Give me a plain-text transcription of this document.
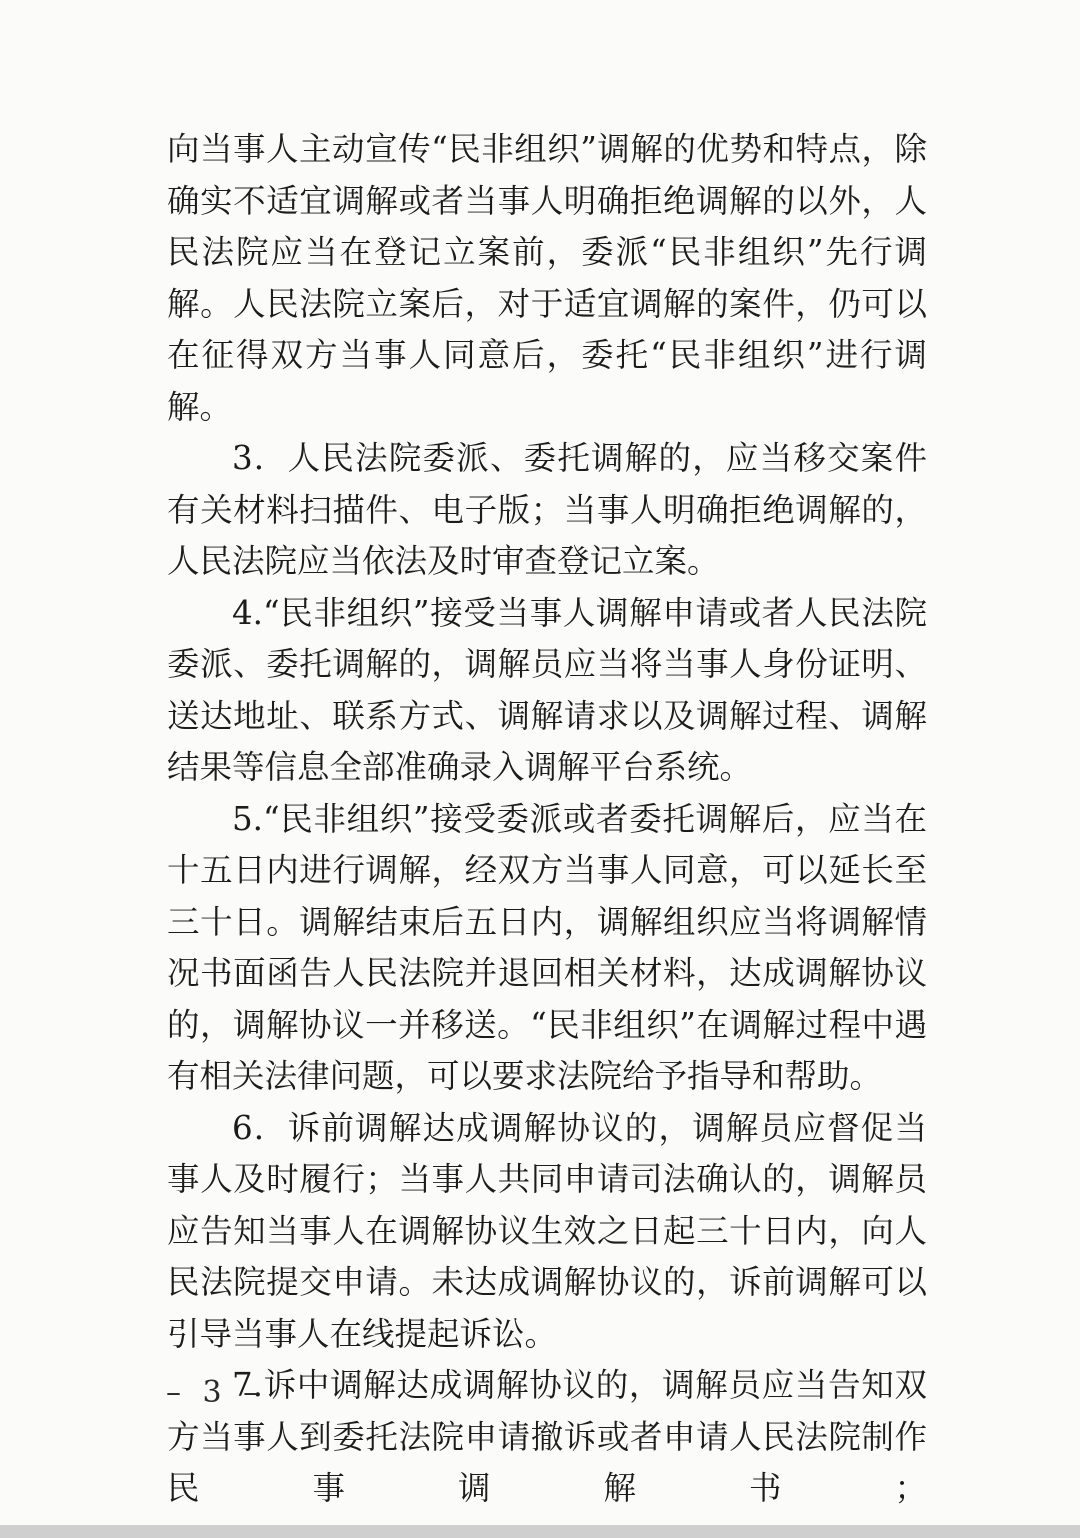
向当事人主动宣传“民非组织”调解的优势和特点，除确实不适宜调解或者当事人明确拒绝调解的以外，人民法院应当在登记立案前，委派“民非组织”先行调解。人民法院立案后，对于适宜调解的案件，仍可以在征得双方当事人同意后，委托“民非组织”进行调解。

3．人民法院委派、委托调解的，应当移交案件有关材料扫描件、电子版；当事人明确拒绝调解的，人民法院应当依法及时审查登记立案。

4.“民非组织”接受当事人调解申请或者人民法院委派、委托调解的，调解员应当将当事人身份证明、送达地址、联系方式、调解请求以及调解过程、调解结果等信息全部准确录入调解平台系统。

5.“民非组织”接受委派或者委托调解后，应当在十五日内进行调解，经双方当事人同意，可以延长至三十日。调解结束后五日内，调解组织应当将调解情况书面函告人民法院并退回相关材料，达成调解协议的，调解协议一并移送。“民非组织”在调解过程中遇有相关法律问题，可以要求法院给予指导和帮助。

6．诉前调解达成调解协议的，调解员应督促当事人及时履行；当事人共同申请司法确认的，调解员应告知当事人在调解协议生效之日起三十日内，向人民法院提交申请。未达成调解协议的，诉前调解可以引导当事人在线提起诉讼。

7.诉中调解达成调解协议的，调解员应当告知双方当事人到委托法院申请撤诉或者申请人民法院制作民事调解书；

– 3 –
